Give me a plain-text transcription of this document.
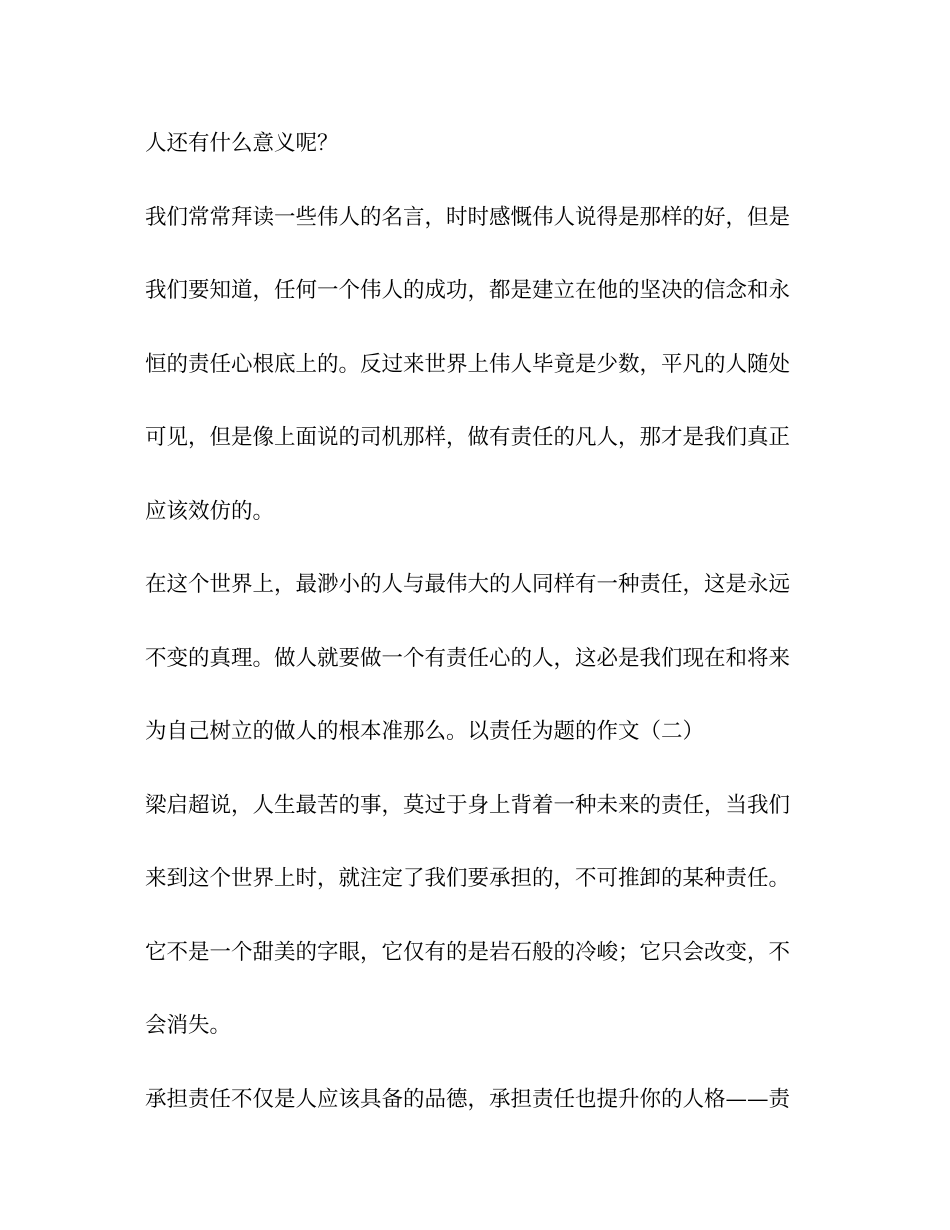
人还有什么意义呢？
我们常常拜读一些伟人的名言，时时感慨伟人说得是那样的好，但是
我们要知道，任何一个伟人的成功，都是建立在他的坚决的信念和永
恒的责任心根底上的。反过来世界上伟人毕竟是少数，平凡的人随处
可见，但是像上面说的司机那样，做有责任的凡人，那才是我们真正
应该效仿的。
在这个世界上，最渺小的人与最伟大的人同样有一种责任，这是永远
不变的真理。做人就要做一个有责任心的人，这必是我们现在和将来
为自己树立的做人的根本准那么。以责任为题的作文（二）
梁启超说，人生最苦的事，莫过于身上背着一种未来的责任，当我们
来到这个世界上时，就注定了我们要承担的，不可推卸的某种责任。
它不是一个甜美的字眼，它仅有的是岩石般的冷峻；它只会改变，不
会消失。
承担责任不仅是人应该具备的品德，承担责任也提升你的人格——责
